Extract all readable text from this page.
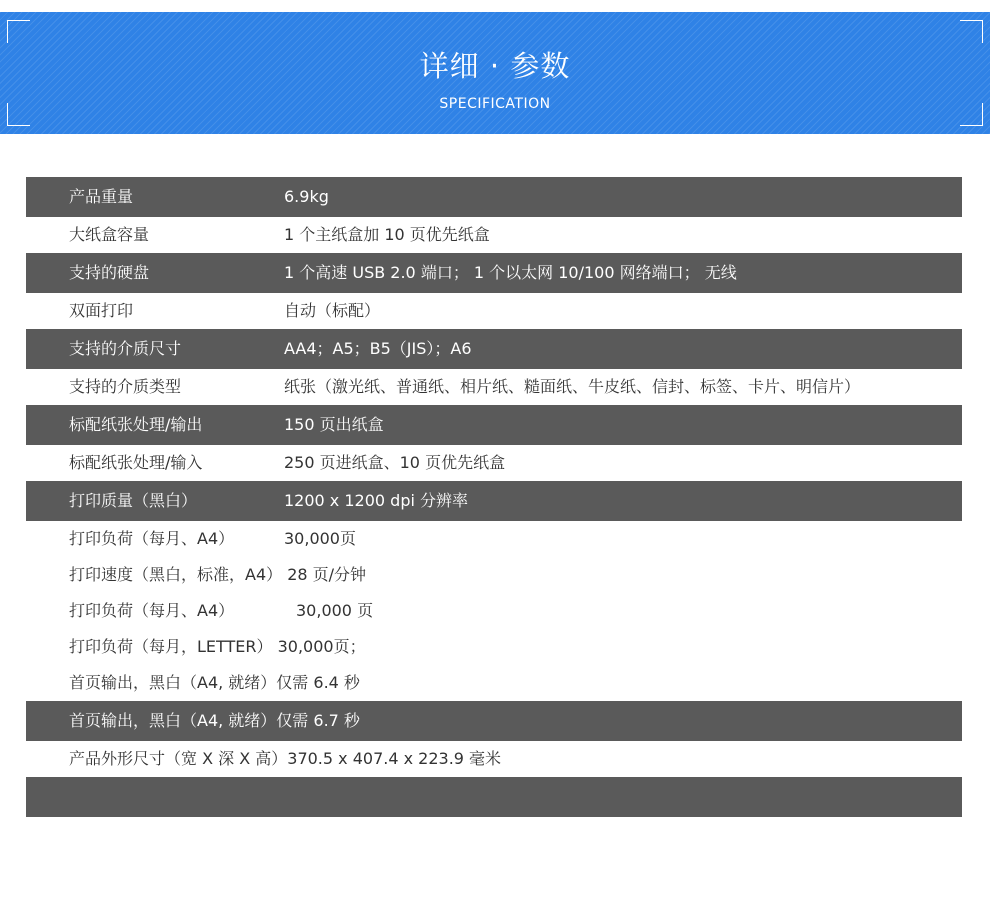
详细 · 参数
SPECIFICATION
产品重量	6.9kg
大纸盒容量	1 个主纸盒加 10 页优先纸盒
支持的硬盘	1 个高速 USB 2.0 端口； 1 个以太网 10/100 网络端口； 无线
双面打印	自动（标配）
支持的介质尺寸	AA4；A5；B5（JIS）；A6
支持的介质类型	纸张（激光纸、普通纸、相片纸、糙面纸、牛皮纸、信封、标签、卡片、明信片）
标配纸张处理/输出	150 页出纸盒
标配纸张处理/输入	250 页进纸盒、10 页优先纸盒
打印质量（黑白）	1200 x 1200 dpi 分辨率
打印负荷（每月、A4）	30,000页
打印速度（黑白，标准，A4） 28 页/分钟
打印负荷（每月、A4）	30,000 页
打印负荷（每月，LETTER） 30,000页；
首页输出，黑白（A4, 就绪）仅需 6.4 秒
首页输出，黑白（A4, 就绪）仅需 6.7 秒
产品外形尺寸（宽 X 深 X 高）370.5 x 407.4 x 223.9 毫米
